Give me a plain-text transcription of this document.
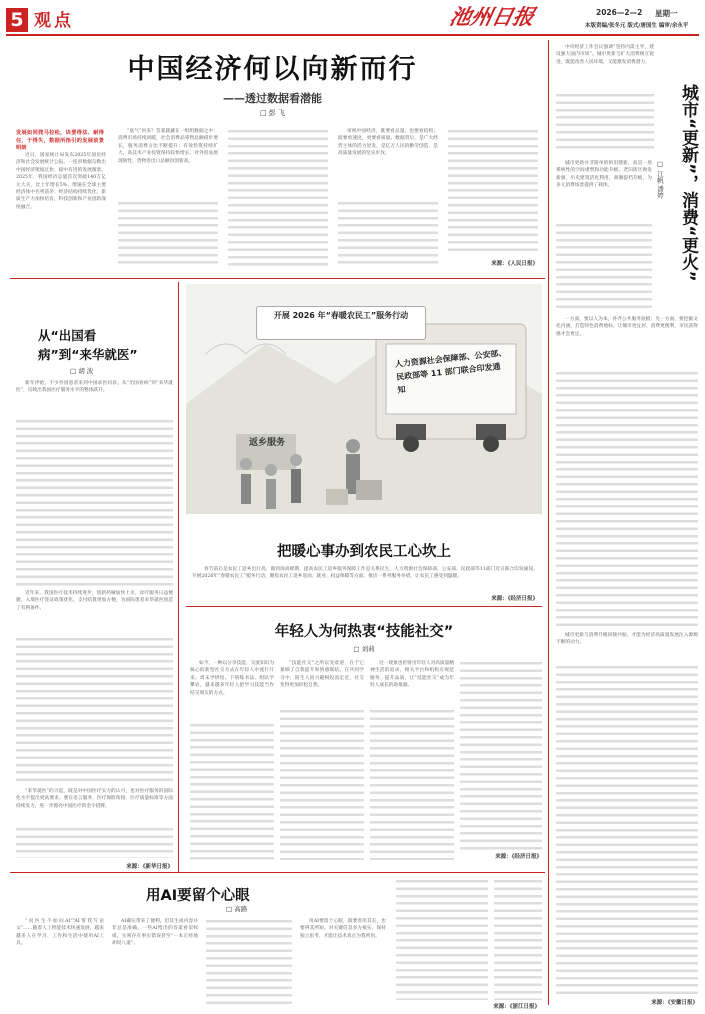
5 观点	池州日报	2026—2—2 星期一
本版责编/张冬元 版式/唐国生 编审/余永平
中国经济何以向新而行
——透过数据看潜能
□ 彭 飞
发展如同爬马拉松，诀要得法、耐得住，于得失，数据所指引的发展前景明朗
近日，国家统计局发布2025年国民经济和社会发展统计公报。一连串数据勾勒出中国经济爬坡过坎、稳中有进的发展图景。2025年，我国经济总量首次突破140万亿元大关，比上年增长5%，增速在全球主要经济体中名列前茅；经济结构持续优化，新质生产力加快培育，科技创新和产业创新深度融合。
“底气”何来？答案就藏在一组组数据之中：消费市场持续回暖，社会消费品零售总额稳步增长，服务消费占比不断提升；有效投资持续扩大，高技术产业投资保持较快增长；对外贸易展现韧性，货物进出口总额再创新高。
审视中国经济，既要看总量，也要看结构；既要看速度，更要看质量。数据背后，是广大经营主体的活力迸发，是亿万人民的勤劳创造，是高质量发展的坚实步伐。
来源：《人民日报》
中央经济工作会议强调“坚持内需主导，建设强大国内市场”。城市更新与扩大消费相互促进，既能改善人居环境，又能激发消费潜力。
城市“更新”，消费“更火”
□ 江帆 潘婷
城市更新并非简单的拆旧建新，而是一场系统性的空间重塑和功能升级。老旧街区焕发新颜，历史建筑活化利用，商圈提档升级，为多元消费场景提供了载体。
一方面，要以人为本，补齐公共服务短板；另一方面，要挖掘文化内涵，打造特色消费地标。让城市更宜居、消费更便利，市民获得感才会更足。
城市更新与消费升级同频共振，才能为经济高质量发展注入源源不断的动力。
来源：《安徽日报》
从“出国看病”到“来华就医”
□ 胡 波
新年伊始，不少外国患者来到中国求医问诊。从“出国看病”到“来华就医”，反映出我国医疗服务水平的整体跃升。
近年来，我国医疗技术持续进步，创新药械加快上市，诊疗服务日益便捷。入境医疗签证政策优化、支付结算更加方便，为国际患者来华就医创造了有利条件。
“来华就医”的兴起，既是对中国医疗实力的认可，也对医疗服务的国际化水平提出更高要求。要在语言服务、医疗保险衔接、医疗质量标准等方面持续发力，进一步擦亮中国医疗的金字招牌。
来源：《新华日报》
开展 2026 年“春暖农民工”服务行动
人力资源社会保障部、公安部、民政部等 11 部门联合印发通知
返乡服务
把暖心事办到农民工心坎上
春节前后是农民工返乡出行高、做到岗高峰期。提高农民工返乡服务保障工作是关系民生，人力资源社会保障部、公安部、民政部等11部门近日联合印发通知，开展2026年“春暖农民工”服务行动，聚焦农民工返乡返岗、就业、权益保障等方面，推出一系列服务举措，让农民工感受到温暖。
来源：《经济日报》
年轻人为何热衷“技能社交”
□ 刘莉
如今，一种以分享技能、交流知识为核心的新型社交方式在年轻人中流行开来。周末学烘焙、下班练书法、组队学攀岩，越来越多年轻人把学习技能当作结交朋友的方式。
“技能社交”之所以受欢迎，在于它兼顾了自我提升和情感联结。在共同学习中，陌生人因兴趣相投而走近，社交变得更加轻松自然。
这一现象也折射出年轻人对高质量精神生活的追求。相关平台和机构应规范服务、提升品质，让“技能社交”成为年轻人成长的助推器。
来源：《经济日报》
用AI要留个心眼
□ 高路
“问医生不如问AI”“AI帮我写论文”……随着人工智能技术快速发展，越来越多人在学习、工作和生活中使用AI工具。
AI确实带来了便利，但其生成内容并非总是准确。一些AI给出的答案看似权威，实则存在事实错误甚至“一本正经地胡说八道”。
用AI要留个心眼，既要善用其长，也要辨其所短。对关键信息多方核实，保持独立思考，才能让技术真正为我所用。
来源：《浙江日报》
